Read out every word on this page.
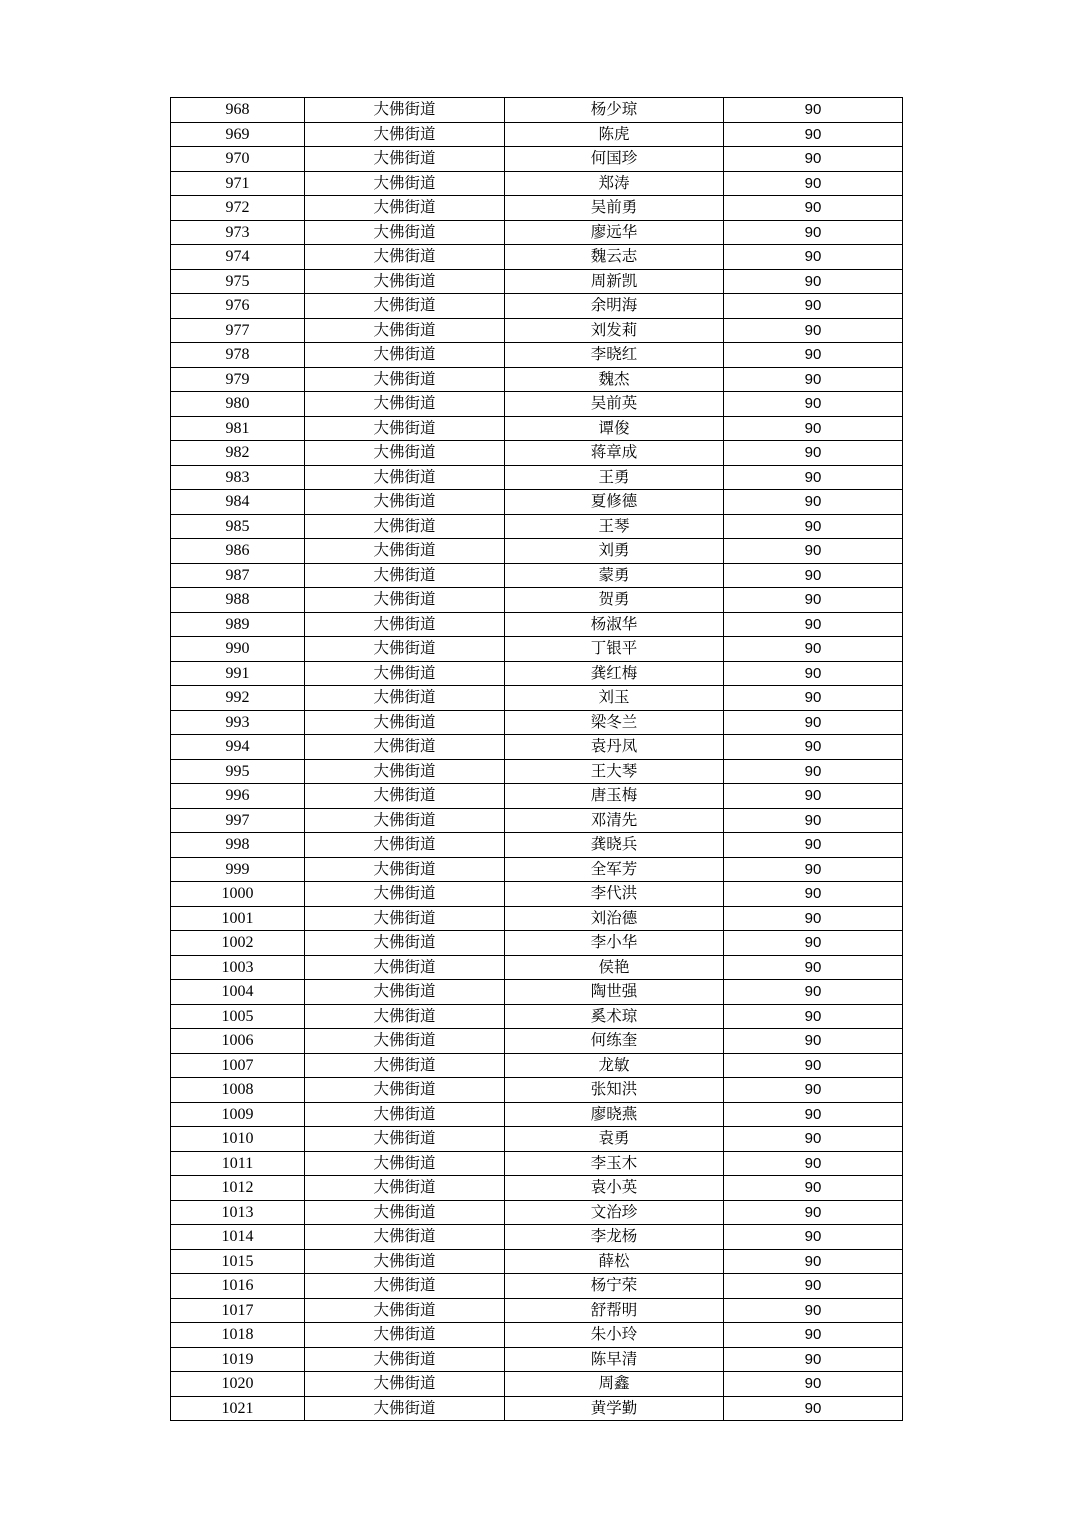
968	大佛街道	杨少琼	90
969	大佛街道	陈虎	90
970	大佛街道	何国珍	90
971	大佛街道	郑涛	90
972	大佛街道	吴前勇	90
973	大佛街道	廖远华	90
974	大佛街道	魏云志	90
975	大佛街道	周新凯	90
976	大佛街道	余明海	90
977	大佛街道	刘发莉	90
978	大佛街道	李晓红	90
979	大佛街道	魏杰	90
980	大佛街道	吴前英	90
981	大佛街道	谭俊	90
982	大佛街道	蒋章成	90
983	大佛街道	王勇	90
984	大佛街道	夏修德	90
985	大佛街道	王琴	90
986	大佛街道	刘勇	90
987	大佛街道	蒙勇	90
988	大佛街道	贺勇	90
989	大佛街道	杨淑华	90
990	大佛街道	丁银平	90
991	大佛街道	龚红梅	90
992	大佛街道	刘玉	90
993	大佛街道	梁冬兰	90
994	大佛街道	袁丹凤	90
995	大佛街道	王大琴	90
996	大佛街道	唐玉梅	90
997	大佛街道	邓清先	90
998	大佛街道	龚晓兵	90
999	大佛街道	全军芳	90
1000	大佛街道	李代洪	90
1001	大佛街道	刘治德	90
1002	大佛街道	李小华	90
1003	大佛街道	侯艳	90
1004	大佛街道	陶世强	90
1005	大佛街道	奚术琼	90
1006	大佛街道	何练奎	90
1007	大佛街道	龙敏	90
1008	大佛街道	张知洪	90
1009	大佛街道	廖晓燕	90
1010	大佛街道	袁勇	90
1011	大佛街道	李玉木	90
1012	大佛街道	袁小英	90
1013	大佛街道	文治珍	90
1014	大佛街道	李龙杨	90
1015	大佛街道	薛松	90
1016	大佛街道	杨宁荣	90
1017	大佛街道	舒帮明	90
1018	大佛街道	朱小玲	90
1019	大佛街道	陈早清	90
1020	大佛街道	周鑫	90
1021	大佛街道	黄学勤	90
